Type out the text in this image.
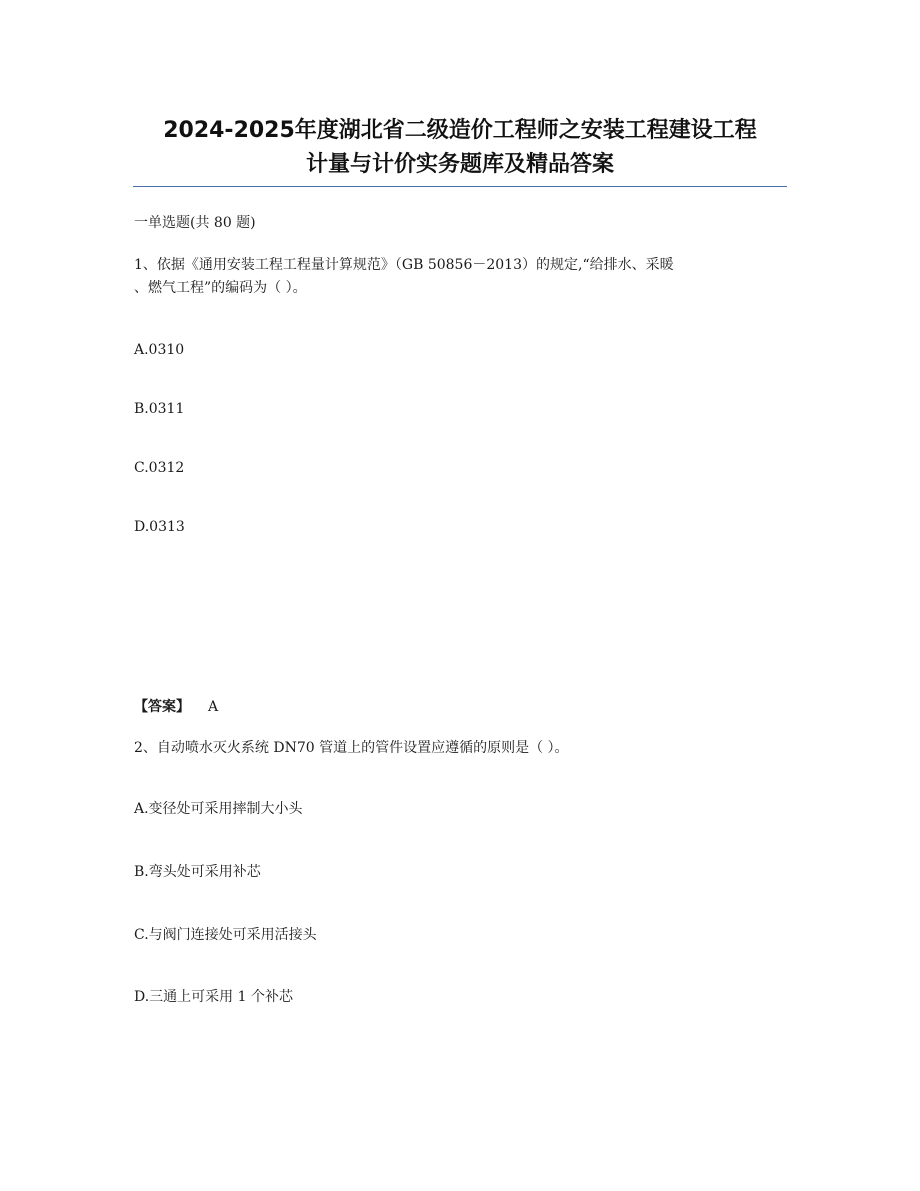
2024-2025年度湖北省二级造价工程师之安装工程建设工程
计量与计价实务题库及精品答案
一单选题(共 80 题)
1、依据《通用安装工程工程量计算规范》（GB 50856－2013）的规定,“给排水、采暖
、燃气工程”的编码为（ ）。
A.0310
B.0311
C.0312
D.0313
【答案】 A
2、自动喷水灭火系统 DN70 管道上的管件设置应遵循的原则是（ ）。
A.变径处可采用摔制大小头
B.弯头处可采用补芯
C.与阀门连接处可采用活接头
D.三通上可采用 1 个补芯
